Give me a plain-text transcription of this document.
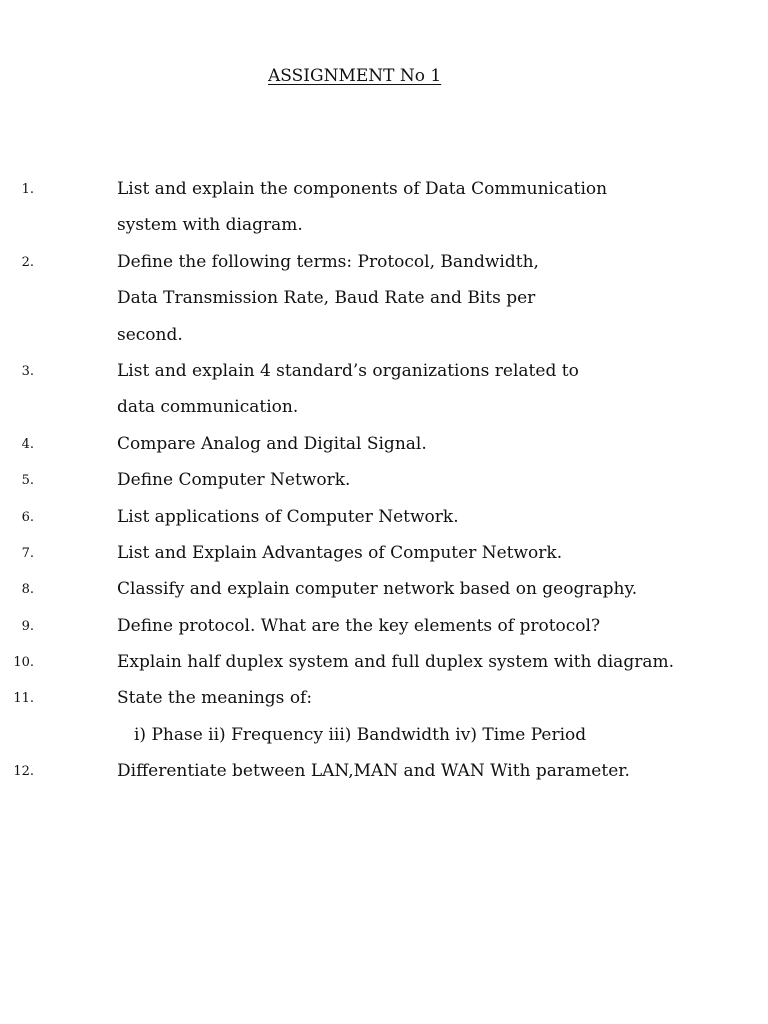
ASSIGNMENT No 1
1.	List and explain the components of Data Communication
system with diagram.
2.	Define the following terms: Protocol, Bandwidth,
Data Transmission Rate, Baud Rate and Bits per
second.
3.	List and explain 4 standard’s organizations related to
data communication.
4.	Compare Analog and Digital Signal.
5.	Define Computer Network.
6.	List applications of Computer Network.
7.	List and Explain Advantages of Computer Network.
8.	Classify and explain computer network based on geography.
9.	Define protocol. What are the key elements of protocol?
10.	Explain half duplex system and full duplex system with diagram.
11.	State the meanings of:
i) Phase ii) Frequency iii) Bandwidth iv) Time Period
12.	Differentiate between LAN,MAN and WAN With parameter.
